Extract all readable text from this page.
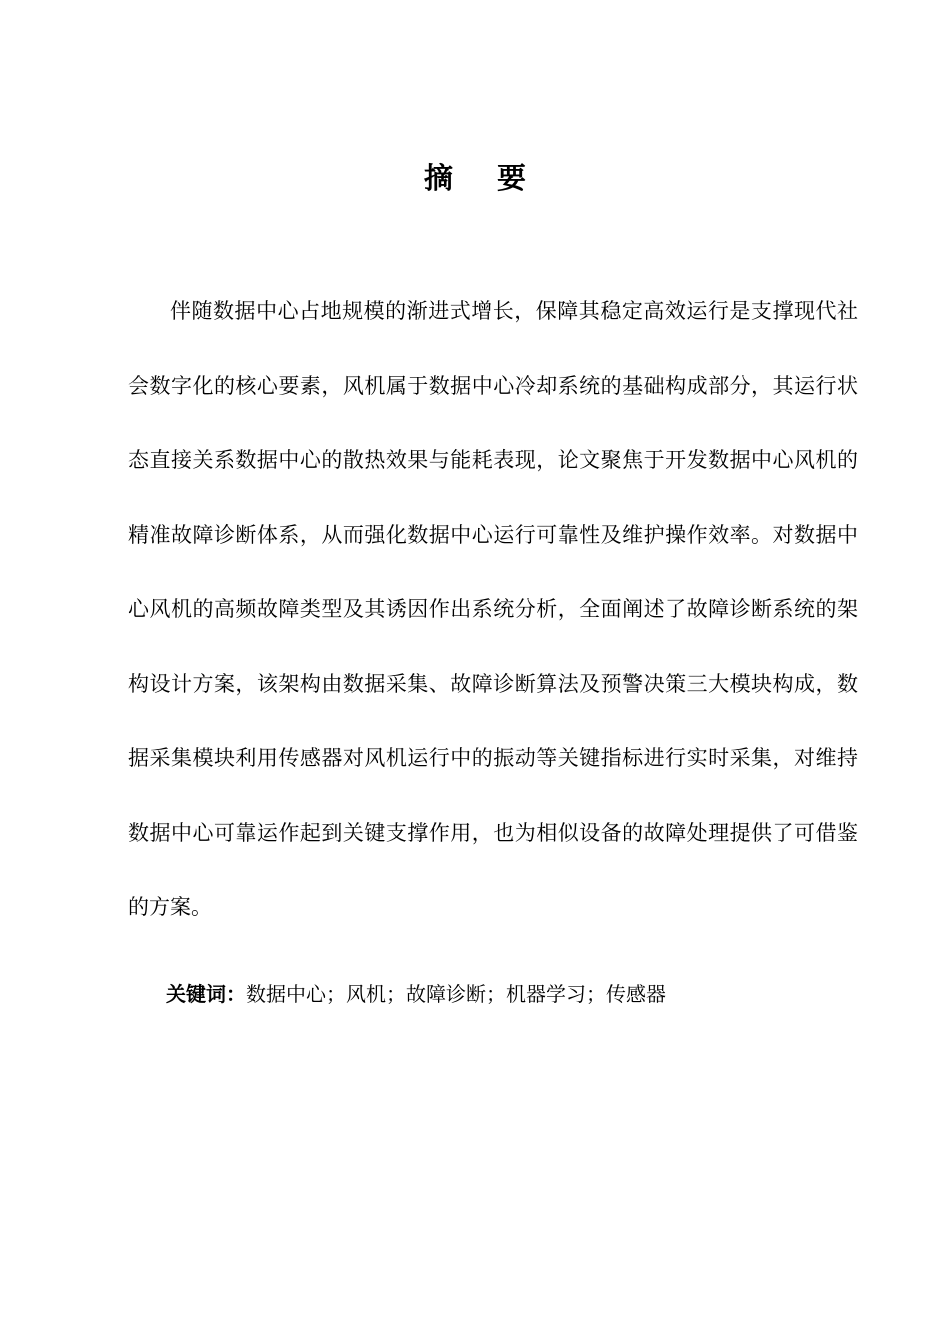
摘 要

伴随数据中心占地规模的渐进式增长，保障其稳定高效运行是支撑现代社会数字化的核心要素，风机属于数据中心冷却系统的基础构成部分，其运行状态直接关系数据中心的散热效果与能耗表现，论文聚焦于开发数据中心风机的精准故障诊断体系，从而强化数据中心运行可靠性及维护操作效率。对数据中心风机的高频故障类型及其诱因作出系统分析，全面阐述了故障诊断系统的架构设计方案，该架构由数据采集、故障诊断算法及预警决策三大模块构成，数据采集模块利用传感器对风机运行中的振动等关键指标进行实时采集，对维持数据中心可靠运作起到关键支撑作用，也为相似设备的故障处理提供了可借鉴的方案。

关键词：数据中心；风机；故障诊断；机器学习；传感器
